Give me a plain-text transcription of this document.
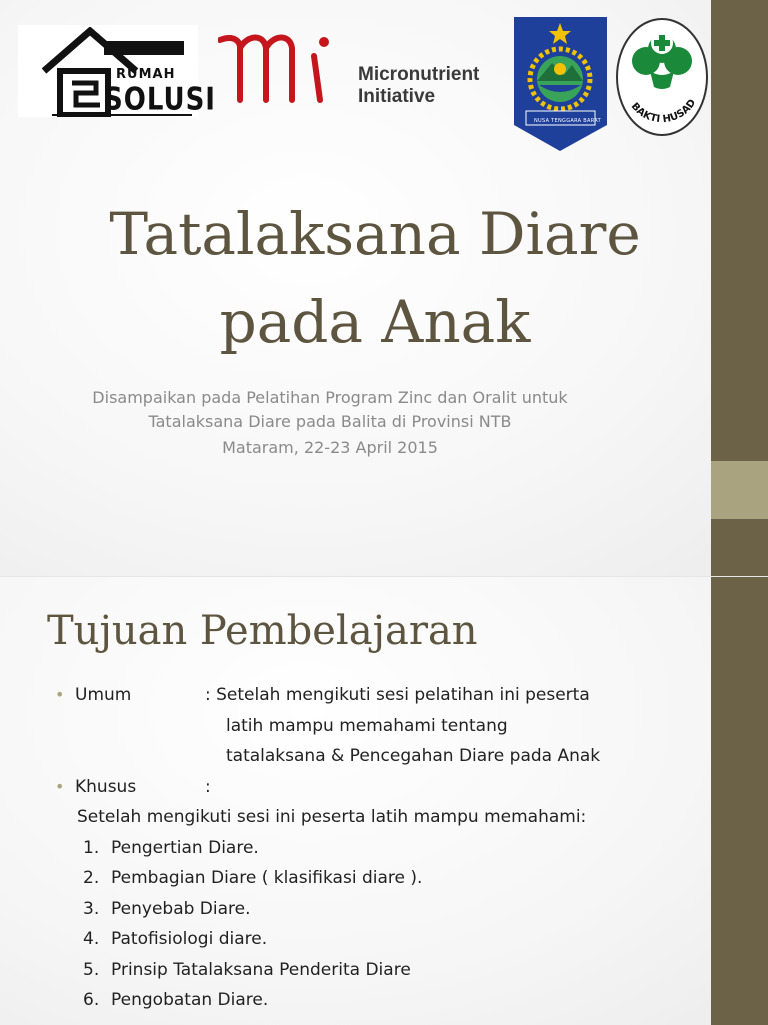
RUMAH
SOLUSI
Micronutrient
Initiative
NUSA TENGGARA BARAT
BAKTI HUSAD
Tatalaksana Diare
pada Anak
Disampaikan pada Pelatihan Program Zinc dan Oralit untuk
Tatalaksana Diare pada Balita di Provinsi NTB
Mataram, 22-23 April 2015
Tujuan Pembelajaran
• Umum	: Setelah mengikuti sesi pelatihan ini peserta
latih mampu memahami tentang
tatalaksana & Pencegahan Diare pada Anak
• Khusus	:
Setelah mengikuti sesi ini peserta latih mampu memahami:
1. Pengertian Diare.
2. Pembagian Diare ( klasifikasi diare ).
3. Penyebab Diare.
4. Patofisiologi diare.
5. Prinsip Tatalaksana Penderita Diare
6. Pengobatan Diare.
